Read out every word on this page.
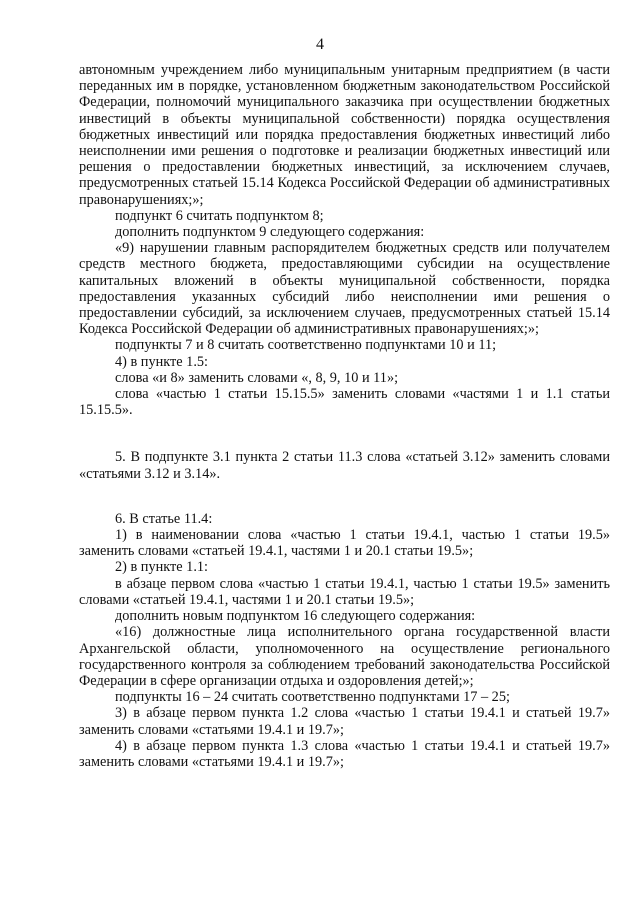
4

автономным учреждением либо муниципальным унитарным предприятием (в части переданных им в порядке, установленном бюджетным законодательством Российской Федерации, полномочий муниципального заказчика при осуществлении бюджетных инвестиций в объекты муниципальной собственности) порядка осуществления бюджетных инвестиций или порядка предоставления бюджетных инвестиций либо неисполнении ими решения о подготовке и реализации бюджетных инвестиций или решения о предоставлении бюджетных инвестиций, за исключением случаев, предусмотренных статьей 15.14 Кодекса Российской Федерации об административных правонарушениях;»;

подпункт 6 считать подпунктом 8;

дополнить подпунктом 9 следующего содержания:

«9) нарушении главным распорядителем бюджетных средств или получателем средств местного бюджета, предоставляющими субсидии на осуществление капитальных вложений в объекты муниципальной собственности, порядка предоставления указанных субсидий либо неисполнении ими решения о предоставлении субсидий, за исключением случаев, предусмотренных статьей 15.14 Кодекса Российской Федерации об административных правонарушениях;»;

подпункты 7 и 8 считать соответственно подпунктами 10 и 11;

4) в пункте 1.5:

слова «и 8» заменить словами «, 8, 9, 10 и 11»;

слова «частью 1 статьи 15.15.5» заменить словами «частями 1 и 1.1 статьи 15.15.5».

5. В подпункте 3.1 пункта 2 статьи 11.3 слова «статьей 3.12» заменить словами «статьями 3.12 и 3.14».

6. В статье 11.4:

1) в наименовании слова «частью 1 статьи 19.4.1, частью 1 статьи 19.5» заменить словами «статьей 19.4.1, частями 1 и 20.1 статьи 19.5»;

2) в пункте 1.1:

в абзаце первом слова «частью 1 статьи 19.4.1, частью 1 статьи 19.5» заменить словами «статьей 19.4.1, частями 1 и 20.1 статьи 19.5»;

дополнить новым подпунктом 16 следующего содержания:

«16) должностные лица исполнительного органа государственной власти Архангельской области, уполномоченного на осуществление регионального государственного контроля за соблюдением требований законодательства Российской Федерации в сфере организации отдыха и оздоровления детей;»;

подпункты 16 – 24 считать соответственно подпунктами 17 – 25;

3) в абзаце первом пункта 1.2 слова «частью 1 статьи 19.4.1 и статьей 19.7» заменить словами «статьями 19.4.1 и 19.7»;

4) в абзаце первом пункта 1.3 слова «частью 1 статьи 19.4.1 и статьей 19.7» заменить словами «статьями 19.4.1 и 19.7»;
